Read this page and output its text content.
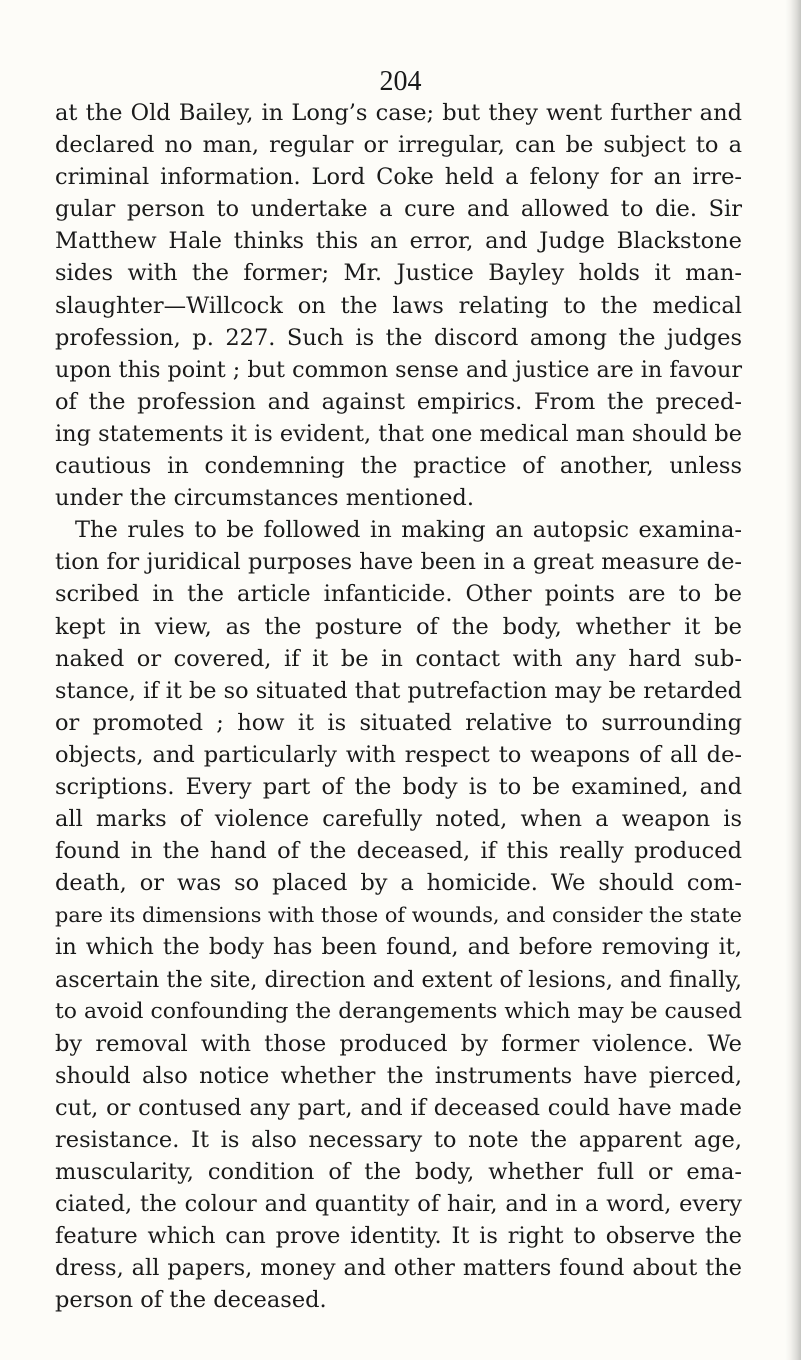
204
at the Old Bailey, in Long’s case; but they went further and
declared no man, regular or irregular, can be subject to a
criminal information. Lord Coke held a felony for an irre-
gular person to undertake a cure and allowed to die. Sir
Matthew Hale thinks this an error, and Judge Blackstone
sides with the former; Mr. Justice Bayley holds it man-
slaughter—Willcock on the laws relating to the medical
profession, p. 227. Such is the discord among the judges
upon this point ; but common sense and justice are in favour
of the profession and against empirics. From the preced-
ing statements it is evident, that one medical man should be
cautious in condemning the practice of another, unless
under the circumstances mentioned.
The rules to be followed in making an autopsic examina-
tion for juridical purposes have been in a great measure de-
scribed in the article infanticide. Other points are to be
kept in view, as the posture of the body, whether it be
naked or covered, if it be in contact with any hard sub-
stance, if it be so situated that putrefaction may be retarded
or promoted ; how it is situated relative to surrounding
objects, and particularly with respect to weapons of all de-
scriptions. Every part of the body is to be examined, and
all marks of violence carefully noted, when a weapon is
found in the hand of the deceased, if this really produced
death, or was so placed by a homicide. We should com-
pare its dimensions with those of wounds, and consider the state
in which the body has been found, and before removing it,
ascertain the site, direction and extent of lesions, and finally,
to avoid confounding the derangements which may be caused
by removal with those produced by former violence. We
should also notice whether the instruments have pierced,
cut, or contused any part, and if deceased could have made
resistance. It is also necessary to note the apparent age,
muscularity, condition of the body, whether full or ema-
ciated, the colour and quantity of hair, and in a word, every
feature which can prove identity. It is right to observe the
dress, all papers, money and other matters found about the
person of the deceased.
